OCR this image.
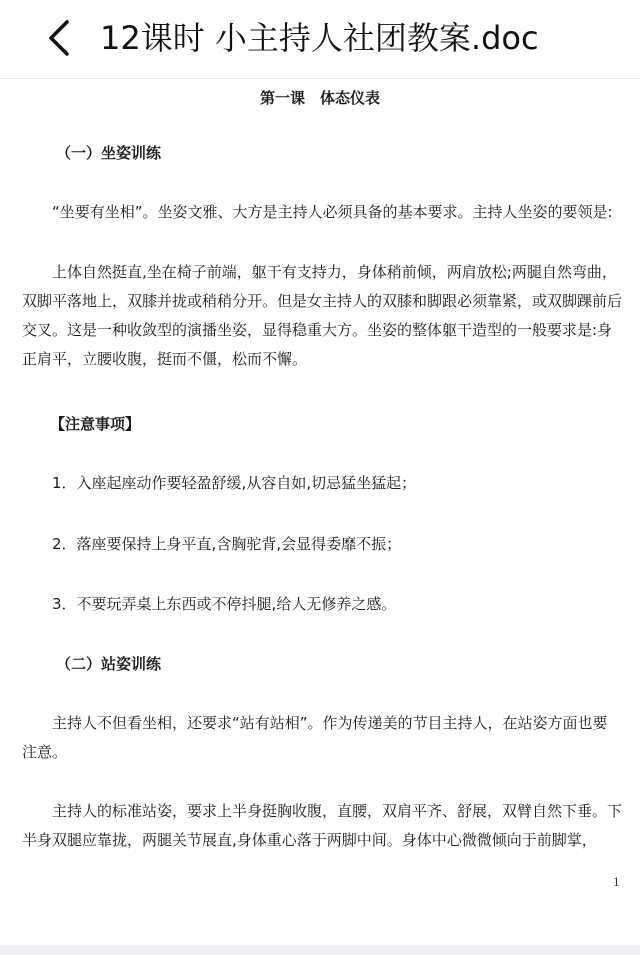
12课时 小主持人社团教案.doc
第一课　体态仪表
（一）坐姿训练
“坐要有坐相”。坐姿文雅、大方是主持人必须具备的基本要求。主持人坐姿的要领是:
上体自然挺直,坐在椅子前端，躯干有支持力，身体稍前倾，两肩放松;两腿自然弯曲，双脚平落地上，双膝并拢或稍稍分开。但是女主持人的双膝和脚跟必须靠紧，或双脚踝前后交叉。这是一种收敛型的演播坐姿，显得稳重大方。坐姿的整体躯干造型的一般要求是:身正肩平，立腰收腹，挺而不僵，松而不懈。
【注意事项】
1．入座起座动作要轻盈舒缓,从容自如,切忌猛坐猛起；
2．落座要保持上身平直,含胸驼背,会显得委靡不振；
3．不要玩弄桌上东西或不停抖腿,给人无修养之感。
（二）站姿训练
主持人不但看坐相，还要求“站有站相”。作为传递美的节目主持人，在站姿方面也要注意。
主持人的标准站姿，要求上半身挺胸收腹，直腰，双肩平齐、舒展，双臂自然下垂。下半身双腿应靠拢，两腿关节展直,身体重心落于两脚中间。身体中心微微倾向于前脚掌，
1
